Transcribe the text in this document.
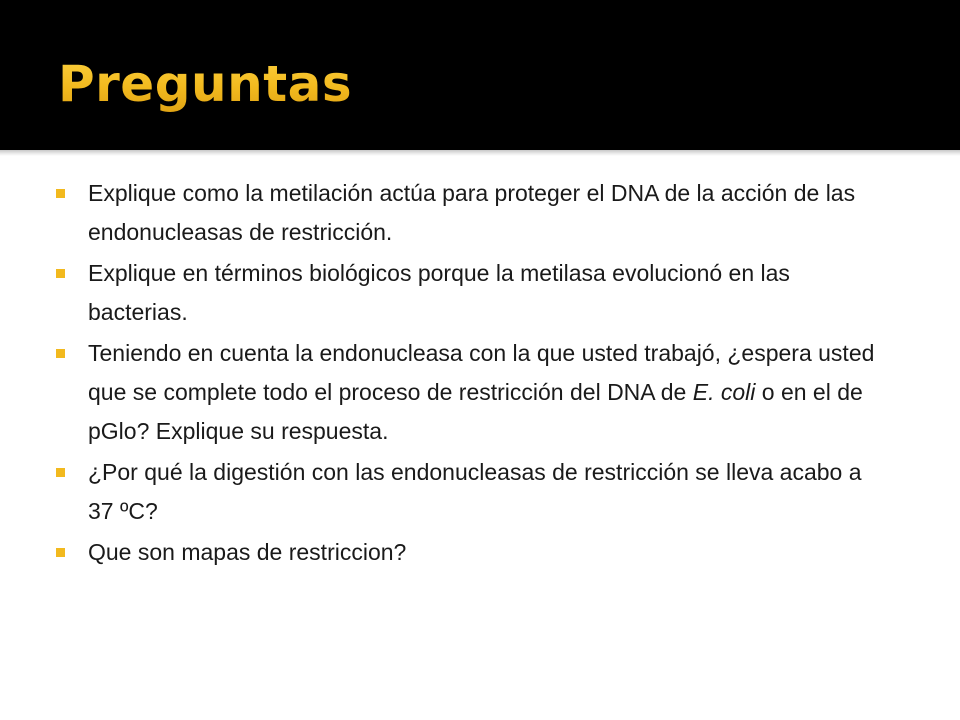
Preguntas
Explique como la metilación actúa para proteger el DNA de la acción de las endonucleasas de restricción.
Explique en términos biológicos porque la metilasa evolucionó en las bacterias.
Teniendo en cuenta la endonucleasa con la que usted trabajó, ¿espera usted que se complete todo el proceso de restricción del DNA de E. coli o en el de pGlo? Explique su respuesta.
¿Por qué la digestión con las endonucleasas de restricción se lleva acabo a 37 ºC?
Que son mapas de restriccion?
